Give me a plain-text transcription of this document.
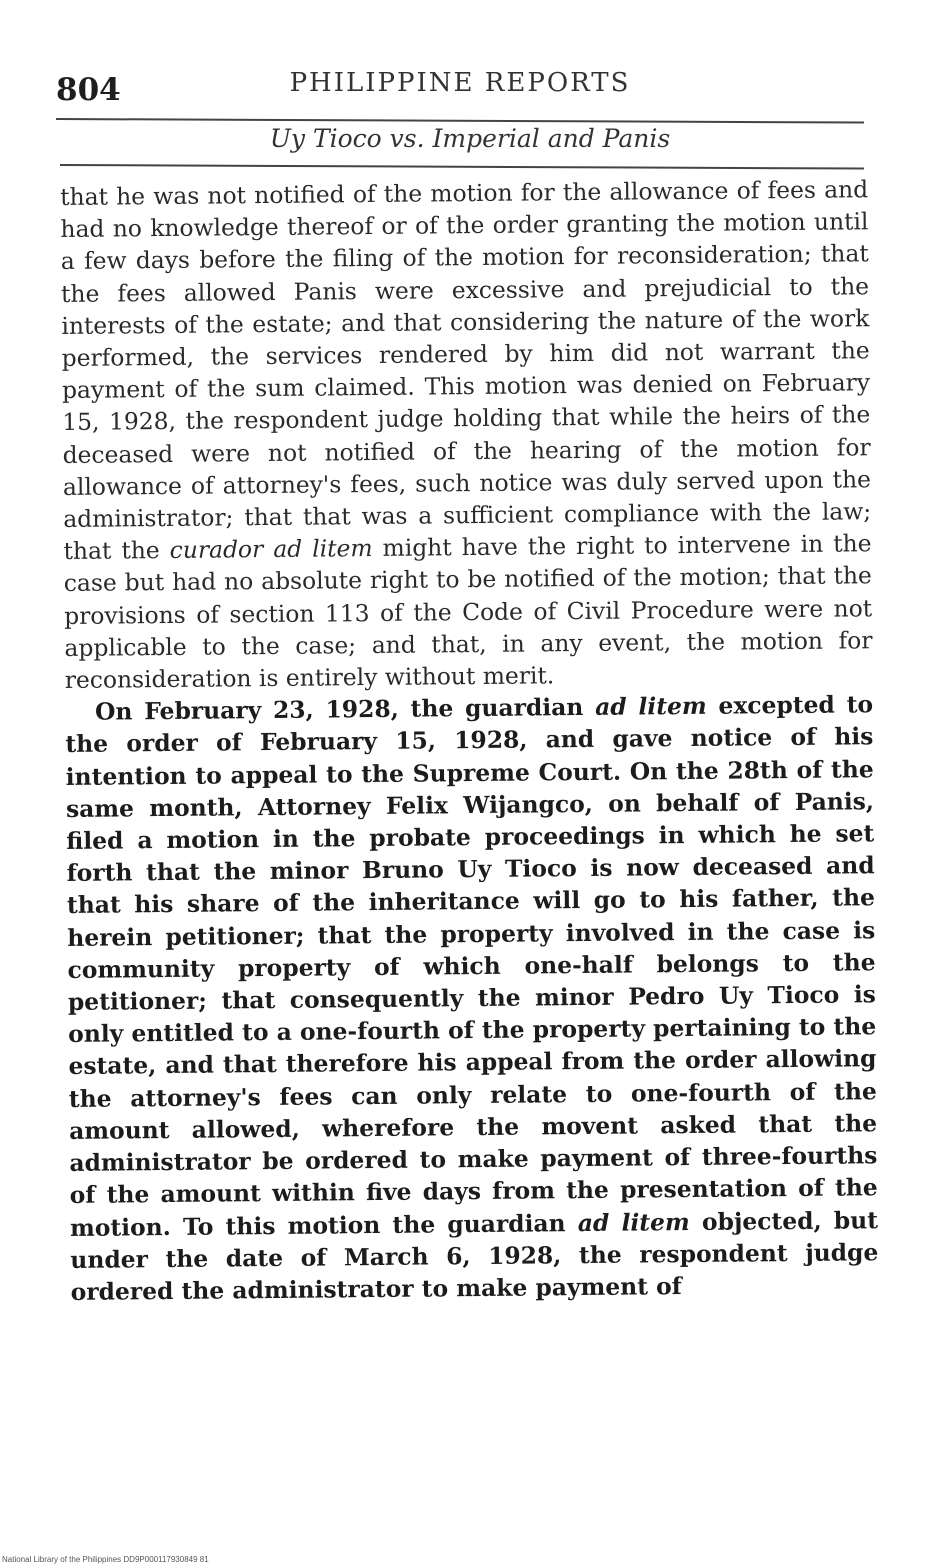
804	PHILIPPINE REPORTS
Uy Tioco vs. Imperial and Panis

that he was not notified of the motion for the allowance of fees and had no knowledge thereof or of the order granting the motion until a few days before the filing of the motion for reconsideration; that the fees allowed Panis were excessive and prejudicial to the interests of the estate; and that considering the nature of the work performed, the services rendered by him did not warrant the payment of the sum claimed. This motion was denied on February 15, 1928, the respondent judge holding that while the heirs of the deceased were not notified of the hearing of the motion for allowance of attorney's fees, such notice was duly served upon the administrator; that that was a sufficient compliance with the law; that the curador ad litem might have the right to intervene in the case but had no absolute right to be notified of the motion; that the provisions of section 113 of the Code of Civil Procedure were not applicable to the case; and that, in any event, the motion for reconsideration is entirely without merit.

On February 23, 1928, the guardian ad litem excepted to the order of February 15, 1928, and gave notice of his intention to appeal to the Supreme Court. On the 28th of the same month, Attorney Felix Wijangco, on behalf of Panis, filed a motion in the probate proceedings in which he set forth that the minor Bruno Uy Tioco is now deceased and that his share of the inheritance will go to his father, the herein petitioner; that the property involved in the case is community property of which one-half belongs to the petitioner; that consequently the minor Pedro Uy Tioco is only entitled to a one-fourth of the property pertaining to the estate, and that therefore his appeal from the order allowing the attorney's fees can only relate to one-fourth of the amount allowed, wherefore the movent asked that the administrator be ordered to make payment of three-fourths of the amount within five days from the presentation of the motion. To this motion the guardian ad litem objected, but under the date of March 6, 1928, the respondent judge ordered the administrator to make payment of

National Library of the Philippines DD9P000117930849 81
